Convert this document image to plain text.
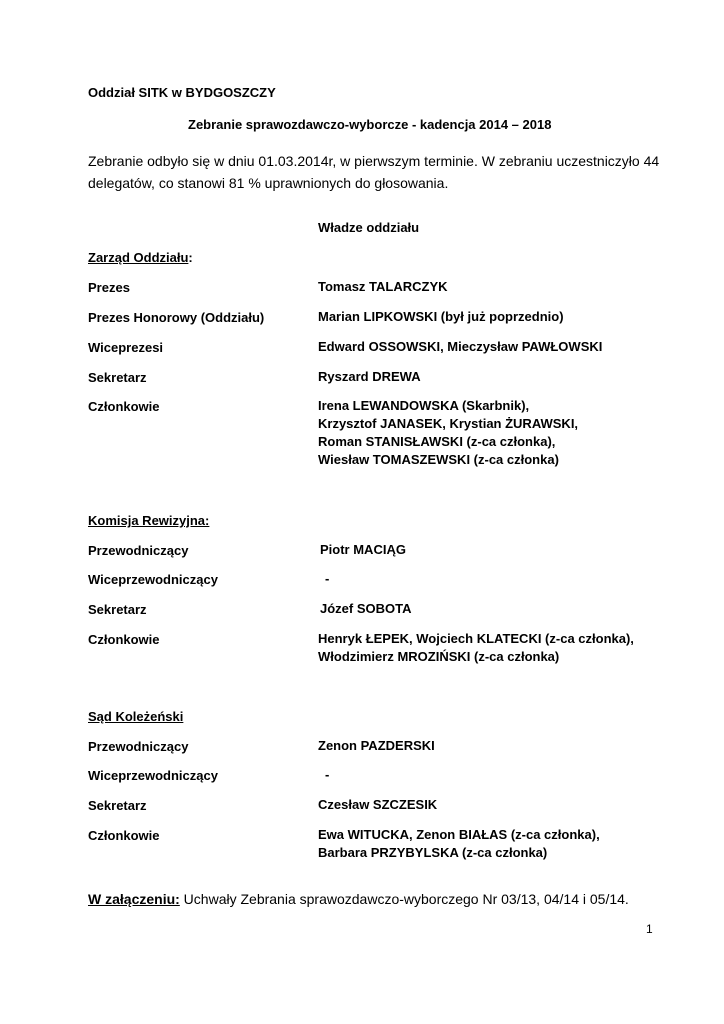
Oddział SITK w BYDGOSZCZY
Zebranie sprawozdawczo-wyborcze - kadencja 2014 – 2018
Zebranie odbyło się w dniu 01.03.2014r, w pierwszym terminie. W zebraniu uczestniczyło 44
delegatów, co stanowi 81 % uprawnionych do głosowania.
Władze oddziału
Zarząd Oddziału:
Prezes	Tomasz TALARCZYK
Prezes Honorowy (Oddziału)	Marian LIPKOWSKI (był już poprzednio)
Wiceprezesi	Edward OSSOWSKI, Mieczysław PAWŁOWSKI
Sekretarz	Ryszard DREWA
Członkowie	Irena LEWANDOWSKA (Skarbnik),
Krzysztof JANASEK, Krystian ŻURAWSKI,
Roman STANISŁAWSKI (z-ca członka),
Wiesław TOMASZEWSKI (z-ca członka)
Komisja Rewizyjna:
Przewodniczący	Piotr MACIĄG
Wiceprzewodniczący	-
Sekretarz	Józef SOBOTA
Członkowie	Henryk ŁEPEK, Wojciech KLATECKI (z-ca członka),
Włodzimierz MROZIŃSKI (z-ca członka)
Sąd Koleżeński
Przewodniczący	Zenon PAZDERSKI
Wiceprzewodniczący	-
Sekretarz	Czesław SZCZESIK
Członkowie	Ewa WITUCKA, Zenon BIAŁAS (z-ca członka),
Barbara PRZYBYLSKA (z-ca członka)
W załączeniu: Uchwały Zebrania sprawozdawczo-wyborczego Nr 03/13, 04/14 i 05/14.
1
